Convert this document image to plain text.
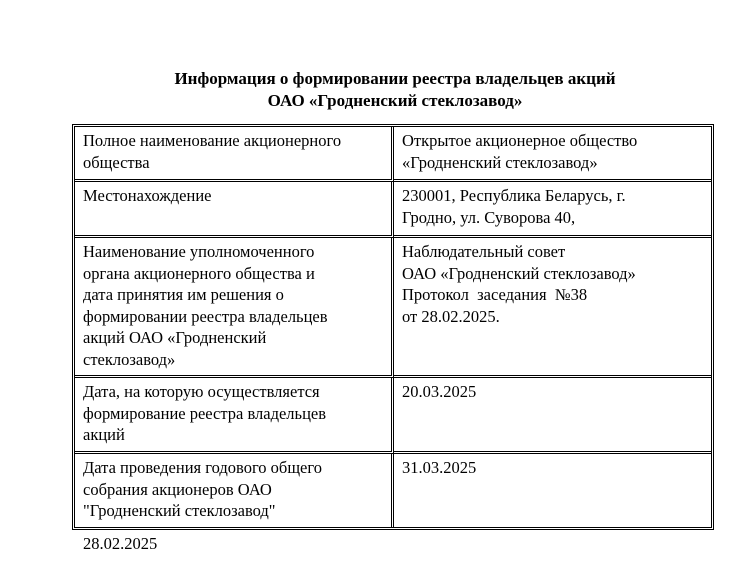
Информация о формировании реестра владельцев акций
ОАО «Гродненский стеклозавод»
Полное наименование акционерного
общества
Открытое акционерное общество
«Гродненский стеклозавод»
Местонахождение	230001, Республика Беларусь, г.
Гродно, ул. Суворова 40,
Наименование уполномоченного
органа акционерного общества и
дата принятия им решения о
формировании реестра владельцев
акций ОАО «Гродненский
стеклозавод»
Наблюдательный совет
ОАО «Гродненский стеклозавод»
Протокол  заседания  №38
от 28.02.2025.
Дата, на которую осуществляется
формирование реестра владельцев
акций
20.03.2025
Дата проведения годового общего
собрания акционеров ОАО
"Гродненский стеклозавод"
31.03.2025
28.02.2025
